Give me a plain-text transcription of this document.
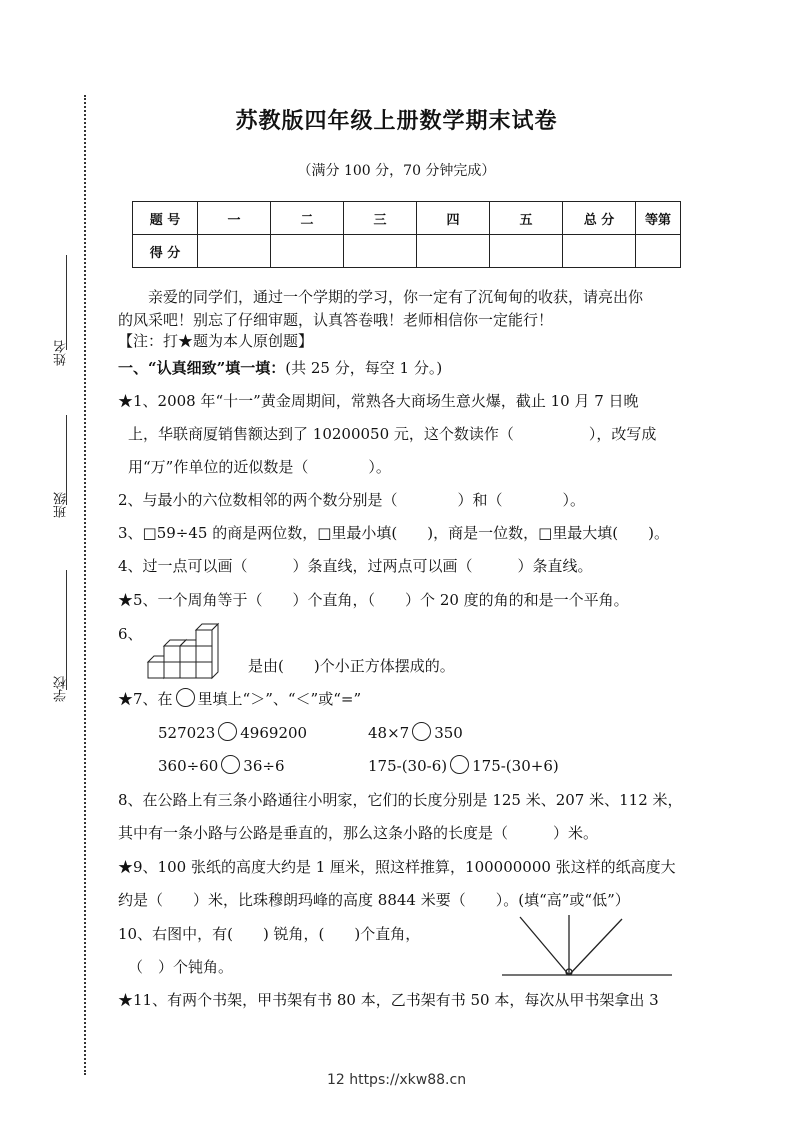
姓名
班级
学校
苏教版四年级上册数学期末试卷
（满分 100 分，70 分钟完成）
题 号	一	二	三	四	五	总 分	等第
得 分							
亲爱的同学们，通过一个学期的学习，你一定有了沉甸甸的收获，请亮出你
的风采吧！别忘了仔细审题，认真答卷哦！老师相信你一定能行！
【注：打★题为本人原创题】
一、“认真细致”填一填：(共 25 分，每空 1 分。)
★1、2008 年“十一”黄金周期间，常熟各大商场生意火爆，截止 10 月 7 日晚
上，华联商厦销售额达到了 10200050 元，这个数读作（　　　　　），改写成
用“万”作单位的近似数是（　　　　）。
2、与最小的六位数相邻的两个数分别是（　　　　）和（　　　　）。
3、□59÷45 的商是两位数，□里最小填(　　)，商是一位数，□里最大填(　　)。
4、过一点可以画（　　　）条直线，过两点可以画（　　　）条直线。
★5、一个周角等于（　　）个直角，（　　）个 20 度的角的和是一个平角。
6、
是由(　　)个小正方体摆成的。
★7、在 里填上“＞”、“＜”或“=”
527023 4969200	48×7 350
360÷60 36÷6	175-(30-6) 175-(30+6)
8、在公路上有三条小路通往小明家，它们的长度分别是 125 米、207 米、112 米，
其中有一条小路与公路是垂直的，那么这条小路的长度是（　　　）米。
★9、100 张纸的高度大约是 1 厘米，照这样推算，100000000 张这样的纸高度大
约是（　　）米，比珠穆朗玛峰的高度 8844 米要（　　）。(填“高”或“低”）
10、右图中，有(　　) 锐角，(　　)个直角，
（　）个钝角。
★11、有两个书架，甲书架有书 80 本，乙书架有书 50 本，每次从甲书架拿出 3
12 https://xkw88.cn
